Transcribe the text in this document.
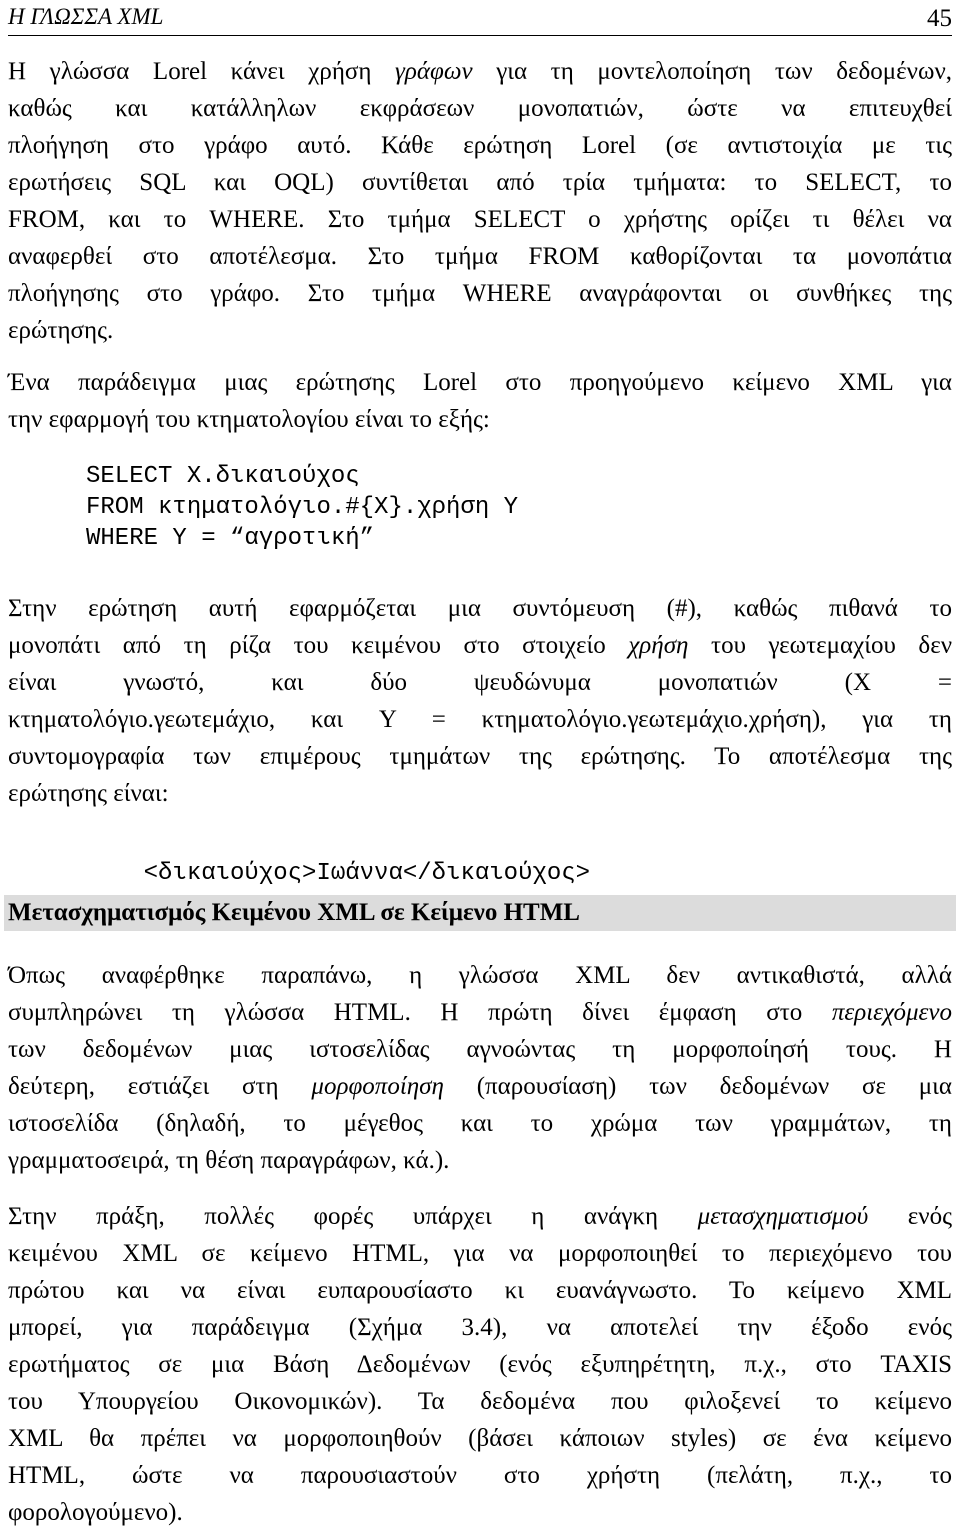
Η ΓΛΩΣΣΑ XML	45
Η γλώσσα Lorel κάνει χρήση γράφων για τη μοντελοποίηση των δεδομένων,
καθώς και κατάλληλων εκφράσεων μονοπατιών, ώστε να επιτευχθεί
πλοήγηση στο γράφο αυτό. Κάθε ερώτηση Lorel (σε αντιστοιχία με τις
ερωτήσεις SQL και OQL) συντίθεται από τρία τμήματα: το SELECT, το
FROM, και το WHERE. Στο τμήμα SELECT ο χρήστης ορίζει τι θέλει να
αναφερθεί στο αποτέλεσμα. Στο τμήμα FROM καθορίζονται τα μονοπάτια
πλοήγησης στο γράφο. Στο τμήμα WHERE αναγράφονται οι συνθήκες της
ερώτησης.
Ένα παράδειγμα μιας ερώτησης Lorel στο προηγούμενο κείμενο XML για
την εφαρμογή του κτηματολογίου είναι το εξής:
SELECT X.δικαιούχος
FROM κτηματολόγιο.#{X}.χρήση Y
WHERE Y = “αγροτική”
Στην ερώτηση αυτή εφαρμόζεται μια συντόμευση (#), καθώς πιθανά το
μονοπάτι από τη ρίζα του κειμένου στο στοιχείο χρήση του γεωτεμαχίου δεν
είναι γνωστό, και δύο ψευδώνυμα μονοπατιών (X =
κτηματολόγιο.γεωτεμάχιο, και Y = κτηματολόγιο.γεωτεμάχιο.χρήση), για τη
συντομογραφία των επιμέρους τμημάτων της ερώτησης. Το αποτέλεσμα της
ερώτησης είναι:

<δικαιούχος>Ιωάννα</δικαιούχος>

Μετασχηματισμός Κειμένου XML σε Κείμενο HTML
Όπως αναφέρθηκε παραπάνω, η γλώσσα XML δεν αντικαθιστά, αλλά
συμπληρώνει τη γλώσσα HTML. Η πρώτη δίνει έμφαση στο περιεχόμενο
των δεδομένων μιας ιστοσελίδας αγνοώντας τη μορφοποίησή τους. Η
δεύτερη, εστιάζει στη μορφοποίηση (παρουσίαση) των δεδομένων σε μια
ιστοσελίδα (δηλαδή, το μέγεθος και το χρώμα των γραμμάτων, τη
γραμματοσειρά, τη θέση παραγράφων, κά.).
Στην πράξη, πολλές φορές υπάρχει η ανάγκη μετασχηματισμού ενός
κειμένου XML σε κείμενο HTML, για να μορφοποιηθεί το περιεχόμενο του
πρώτου και να είναι ευπαρουσίαστο κι ευανάγνωστο. Το κείμενο XML
μπορεί, για παράδειγμα (Σχήμα 3.4), να αποτελεί την έξοδο ενός
ερωτήματος σε μια Βάση Δεδομένων (ενός εξυπηρέτητη, π.χ., στο TAXIS
του Υπουργείου Οικονομικών). Τα δεδομένα που φιλοξενεί το κείμενο
XML θα πρέπει να μορφοποιηθούν (βάσει κάποιων styles) σε ένα κείμενο
HTML, ώστε να παρουσιαστούν στο χρήστη (πελάτη, π.χ., το
φορολογούμενο).
